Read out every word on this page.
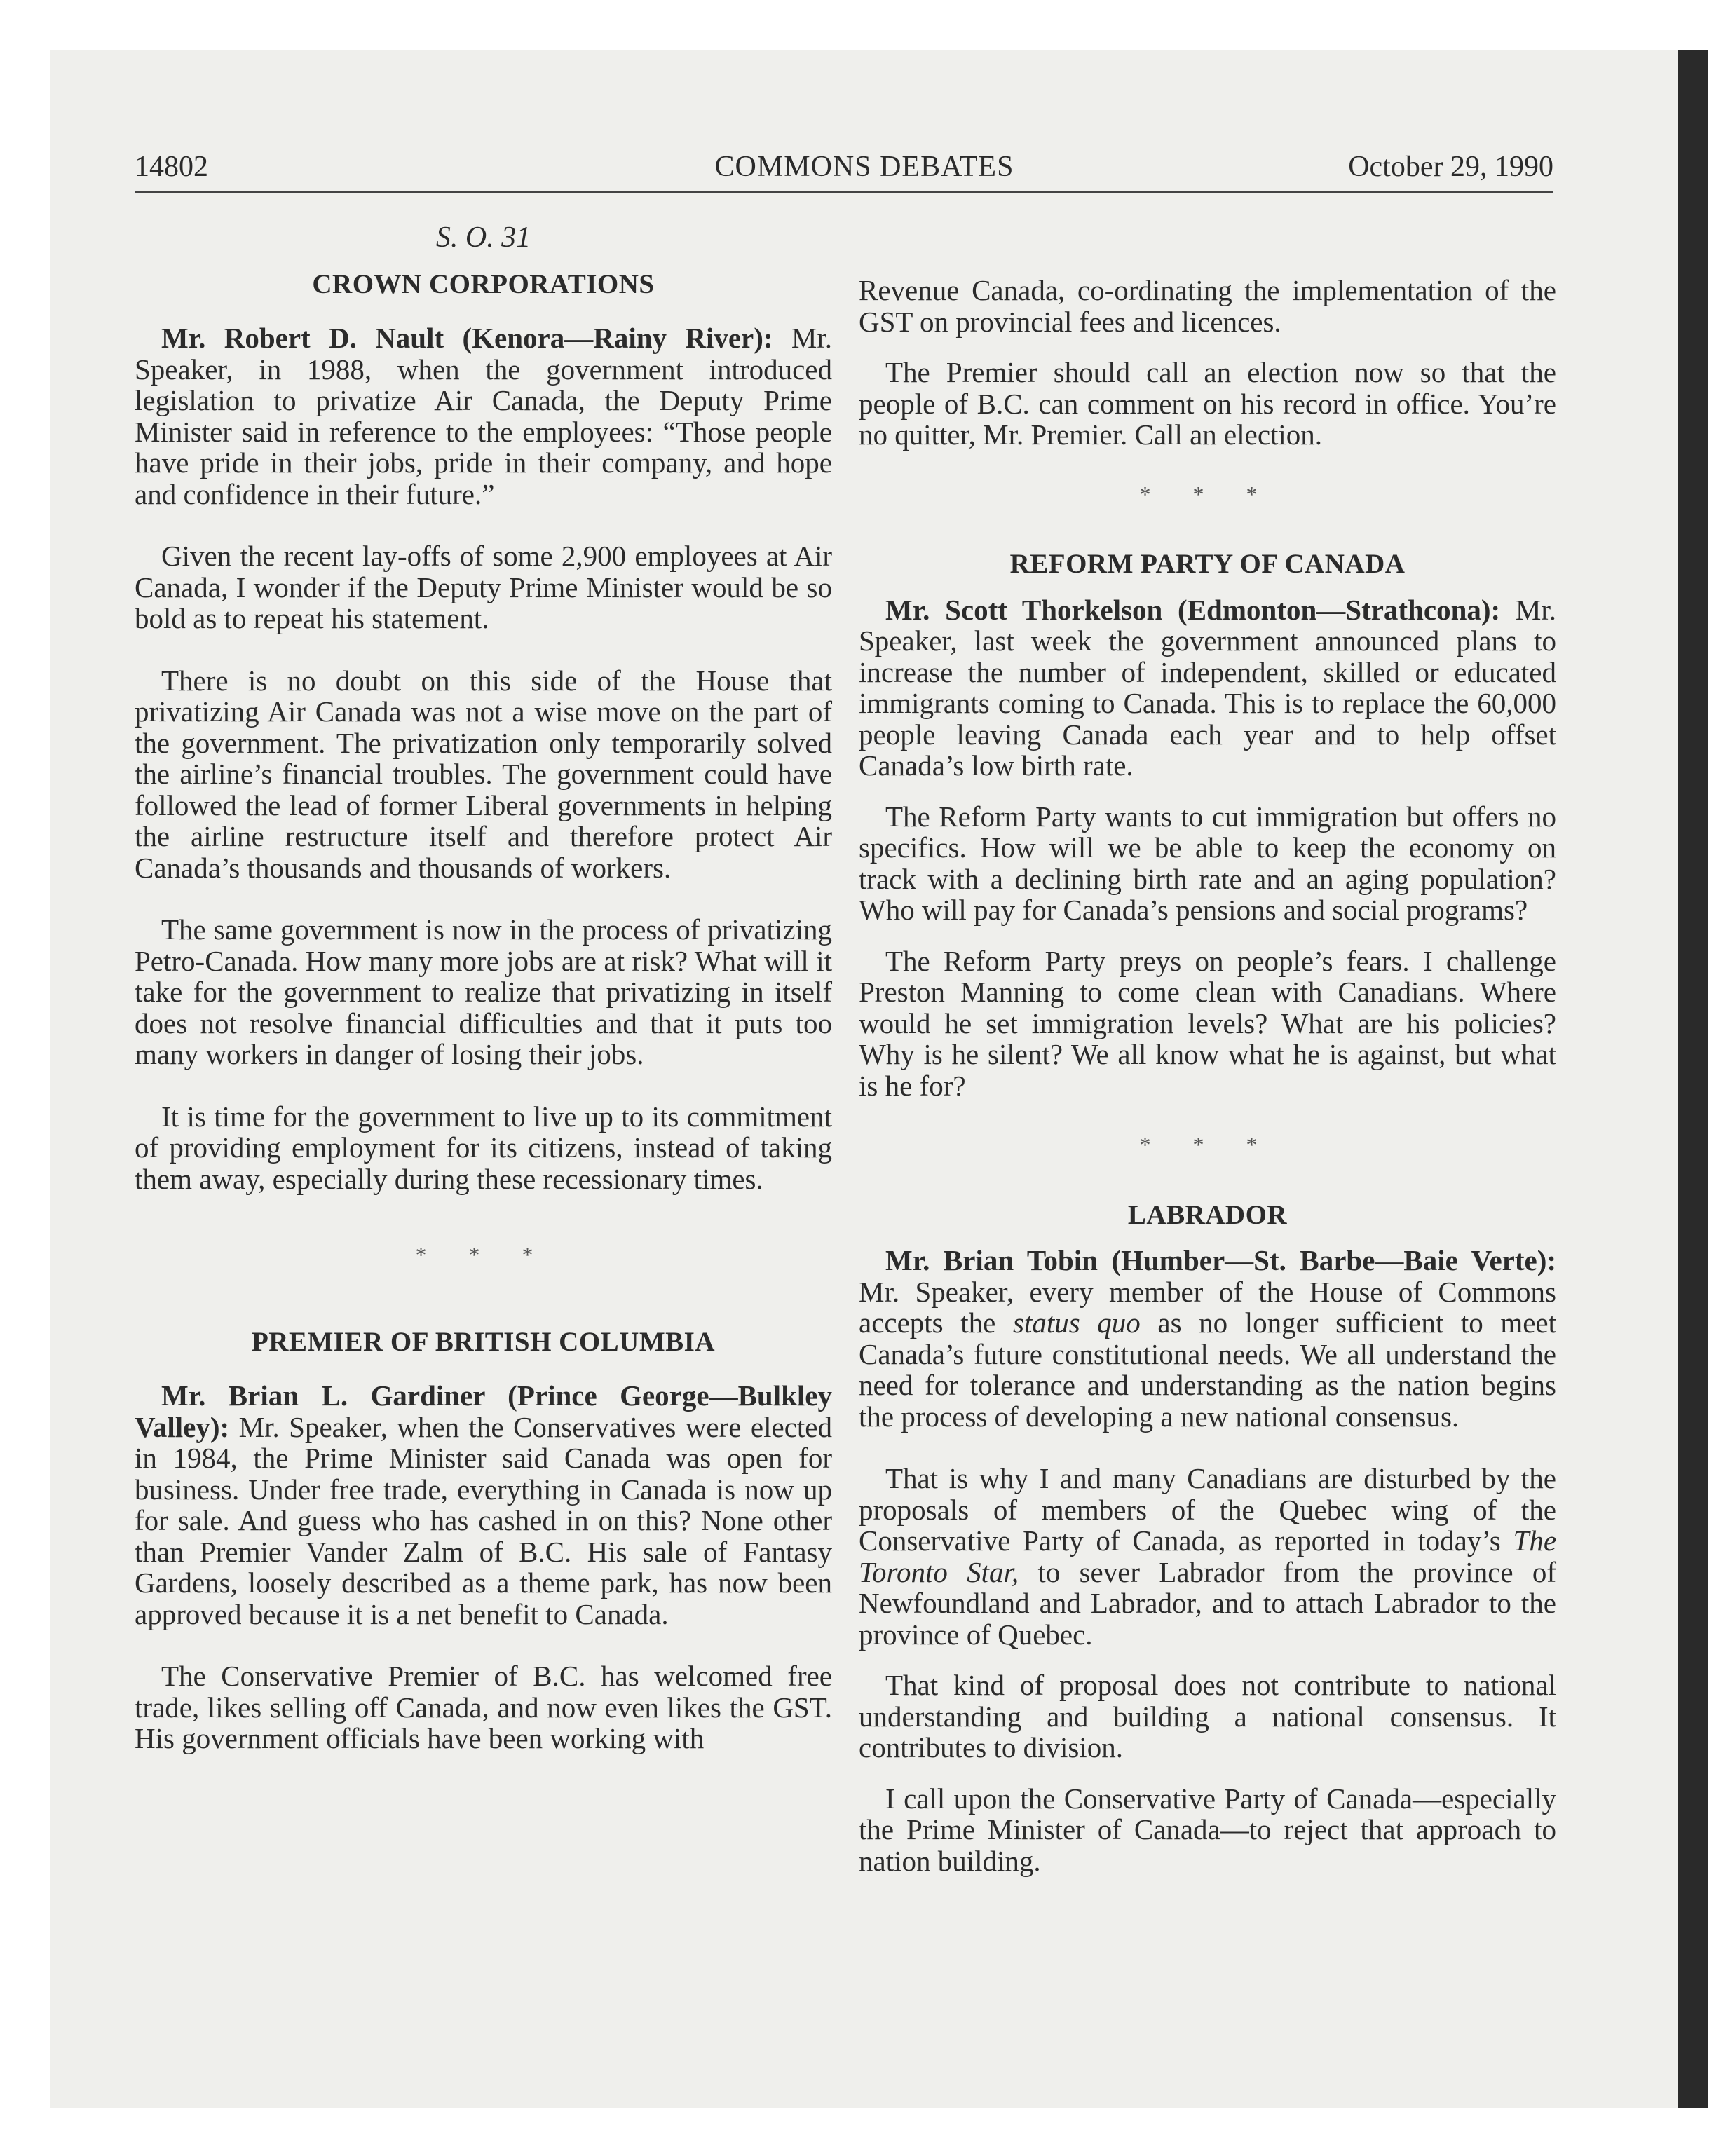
14802	COMMONS DEBATES	October 29, 1990
S. O. 31
CROWN CORPORATIONS

Mr. Robert D. Nault (Kenora—Rainy River): Mr. Speaker, in 1988, when the government introduced legislation to privatize Air Canada, the Deputy Prime Minister said in reference to the employees: “Those people have pride in their jobs, pride in their company, and hope and confidence in their future.”

Given the recent lay-offs of some 2,900 employees at Air Canada, I wonder if the Deputy Prime Minister would be so bold as to repeat his statement.

There is no doubt on this side of the House that privatizing Air Canada was not a wise move on the part of the government. The privatization only temporarily solved the airline’s financial troubles. The government could have followed the lead of former Liberal governments in helping the airline restructure itself and therefore protect Air Canada’s thousands and thousands of workers.

The same government is now in the process of privatizing Petro-Canada. How many more jobs are at risk? What will it take for the government to realize that privatizing in itself does not resolve financial difficulties and that it puts too many workers in danger of losing their jobs.

It is time for the government to live up to its commitment of providing employment for its citizens, instead of taking them away, especially during these recessionary times.

* * *
PREMIER OF BRITISH COLUMBIA

Mr. Brian L. Gardiner (Prince George—Bulkley Valley): Mr. Speaker, when the Conservatives were elected in 1984, the Prime Minister said Canada was open for business. Under free trade, everything in Canada is now up for sale. And guess who has cashed in on this? None other than Premier Vander Zalm of B.C. His sale of Fantasy Gardens, loosely described as a theme park, has now been approved because it is a net benefit to Canada.

The Conservative Premier of B.C. has welcomed free trade, likes selling off Canada, and now even likes the GST. His government officials have been working with

Revenue Canada, co-ordinating the implementation of the GST on provincial fees and licences.

The Premier should call an election now so that the people of B.C. can comment on his record in office. You’re no quitter, Mr. Premier. Call an election.

* * *
REFORM PARTY OF CANADA

Mr. Scott Thorkelson (Edmonton—Strathcona): Mr. Speaker, last week the government announced plans to increase the number of independent, skilled or educated immigrants coming to Canada. This is to replace the 60,000 people leaving Canada each year and to help offset Canada’s low birth rate.

The Reform Party wants to cut immigration but offers no specifics. How will we be able to keep the economy on track with a declining birth rate and an aging population? Who will pay for Canada’s pensions and social programs?

The Reform Party preys on people’s fears. I challenge Preston Manning to come clean with Canadians. Where would he set immigration levels? What are his policies? Why is he silent? We all know what he is against, but what is he for?

* * *
LABRADOR

Mr. Brian Tobin (Humber—St. Barbe—Baie Verte): Mr. Speaker, every member of the House of Commons accepts the status quo as no longer sufficient to meet Canada’s future constitutional needs. We all understand the need for tolerance and understanding as the nation begins the process of developing a new national consensus.

That is why I and many Canadians are disturbed by the proposals of members of the Quebec wing of the Conservative Party of Canada, as reported in today’s The Toronto Star, to sever Labrador from the province of Newfoundland and Labrador, and to attach Labrador to the province of Quebec.

That kind of proposal does not contribute to national understanding and building a national consensus. It contributes to division.

I call upon the Conservative Party of Canada—especially the Prime Minister of Canada—to reject that approach to nation building.
